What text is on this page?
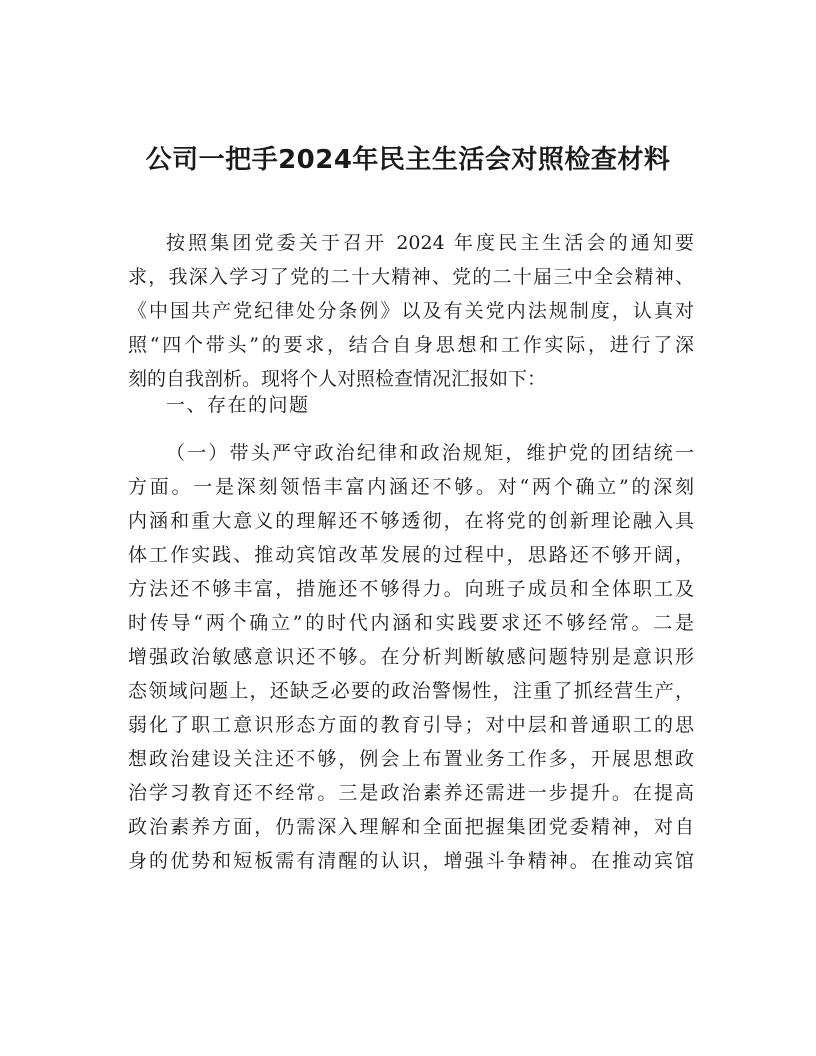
公司一把手2024年民主生活会对照检查材料
按照集团党委关于召开 2024 年度民主生活会的通知要
求，我深入学习了党的二十大精神、党的二十届三中全会精神、
《中国共产党纪律处分条例》以及有关党内法规制度，认真对
照“四个带头”的要求，结合自身思想和工作实际，进行了深
刻的自我剖析。现将个人对照检查情况汇报如下：

一、存在的问题

（一）带头严守政治纪律和政治规矩，维护党的团结统一
方面。一是深刻领悟丰富内涵还不够。对“两个确立”的深刻
内涵和重大意义的理解还不够透彻，在将党的创新理论融入具
体工作实践、推动宾馆改革发展的过程中，思路还不够开阔，
方法还不够丰富，措施还不够得力。向班子成员和全体职工及
时传导“两个确立”的时代内涵和实践要求还不够经常。二是
增强政治敏感意识还不够。在分析判断敏感问题特别是意识形
态领域问题上，还缺乏必要的政治警惕性，注重了抓经营生产，
弱化了职工意识形态方面的教育引导；对中层和普通职工的思
想政治建设关注还不够，例会上布置业务工作多，开展思想政
治学习教育还不经常。三是政治素养还需进一步提升。在提高
政治素养方面，仍需深入理解和全面把握集团党委精神，对自
身的优势和短板需有清醒的认识，增强斗争精神。在推动宾馆
